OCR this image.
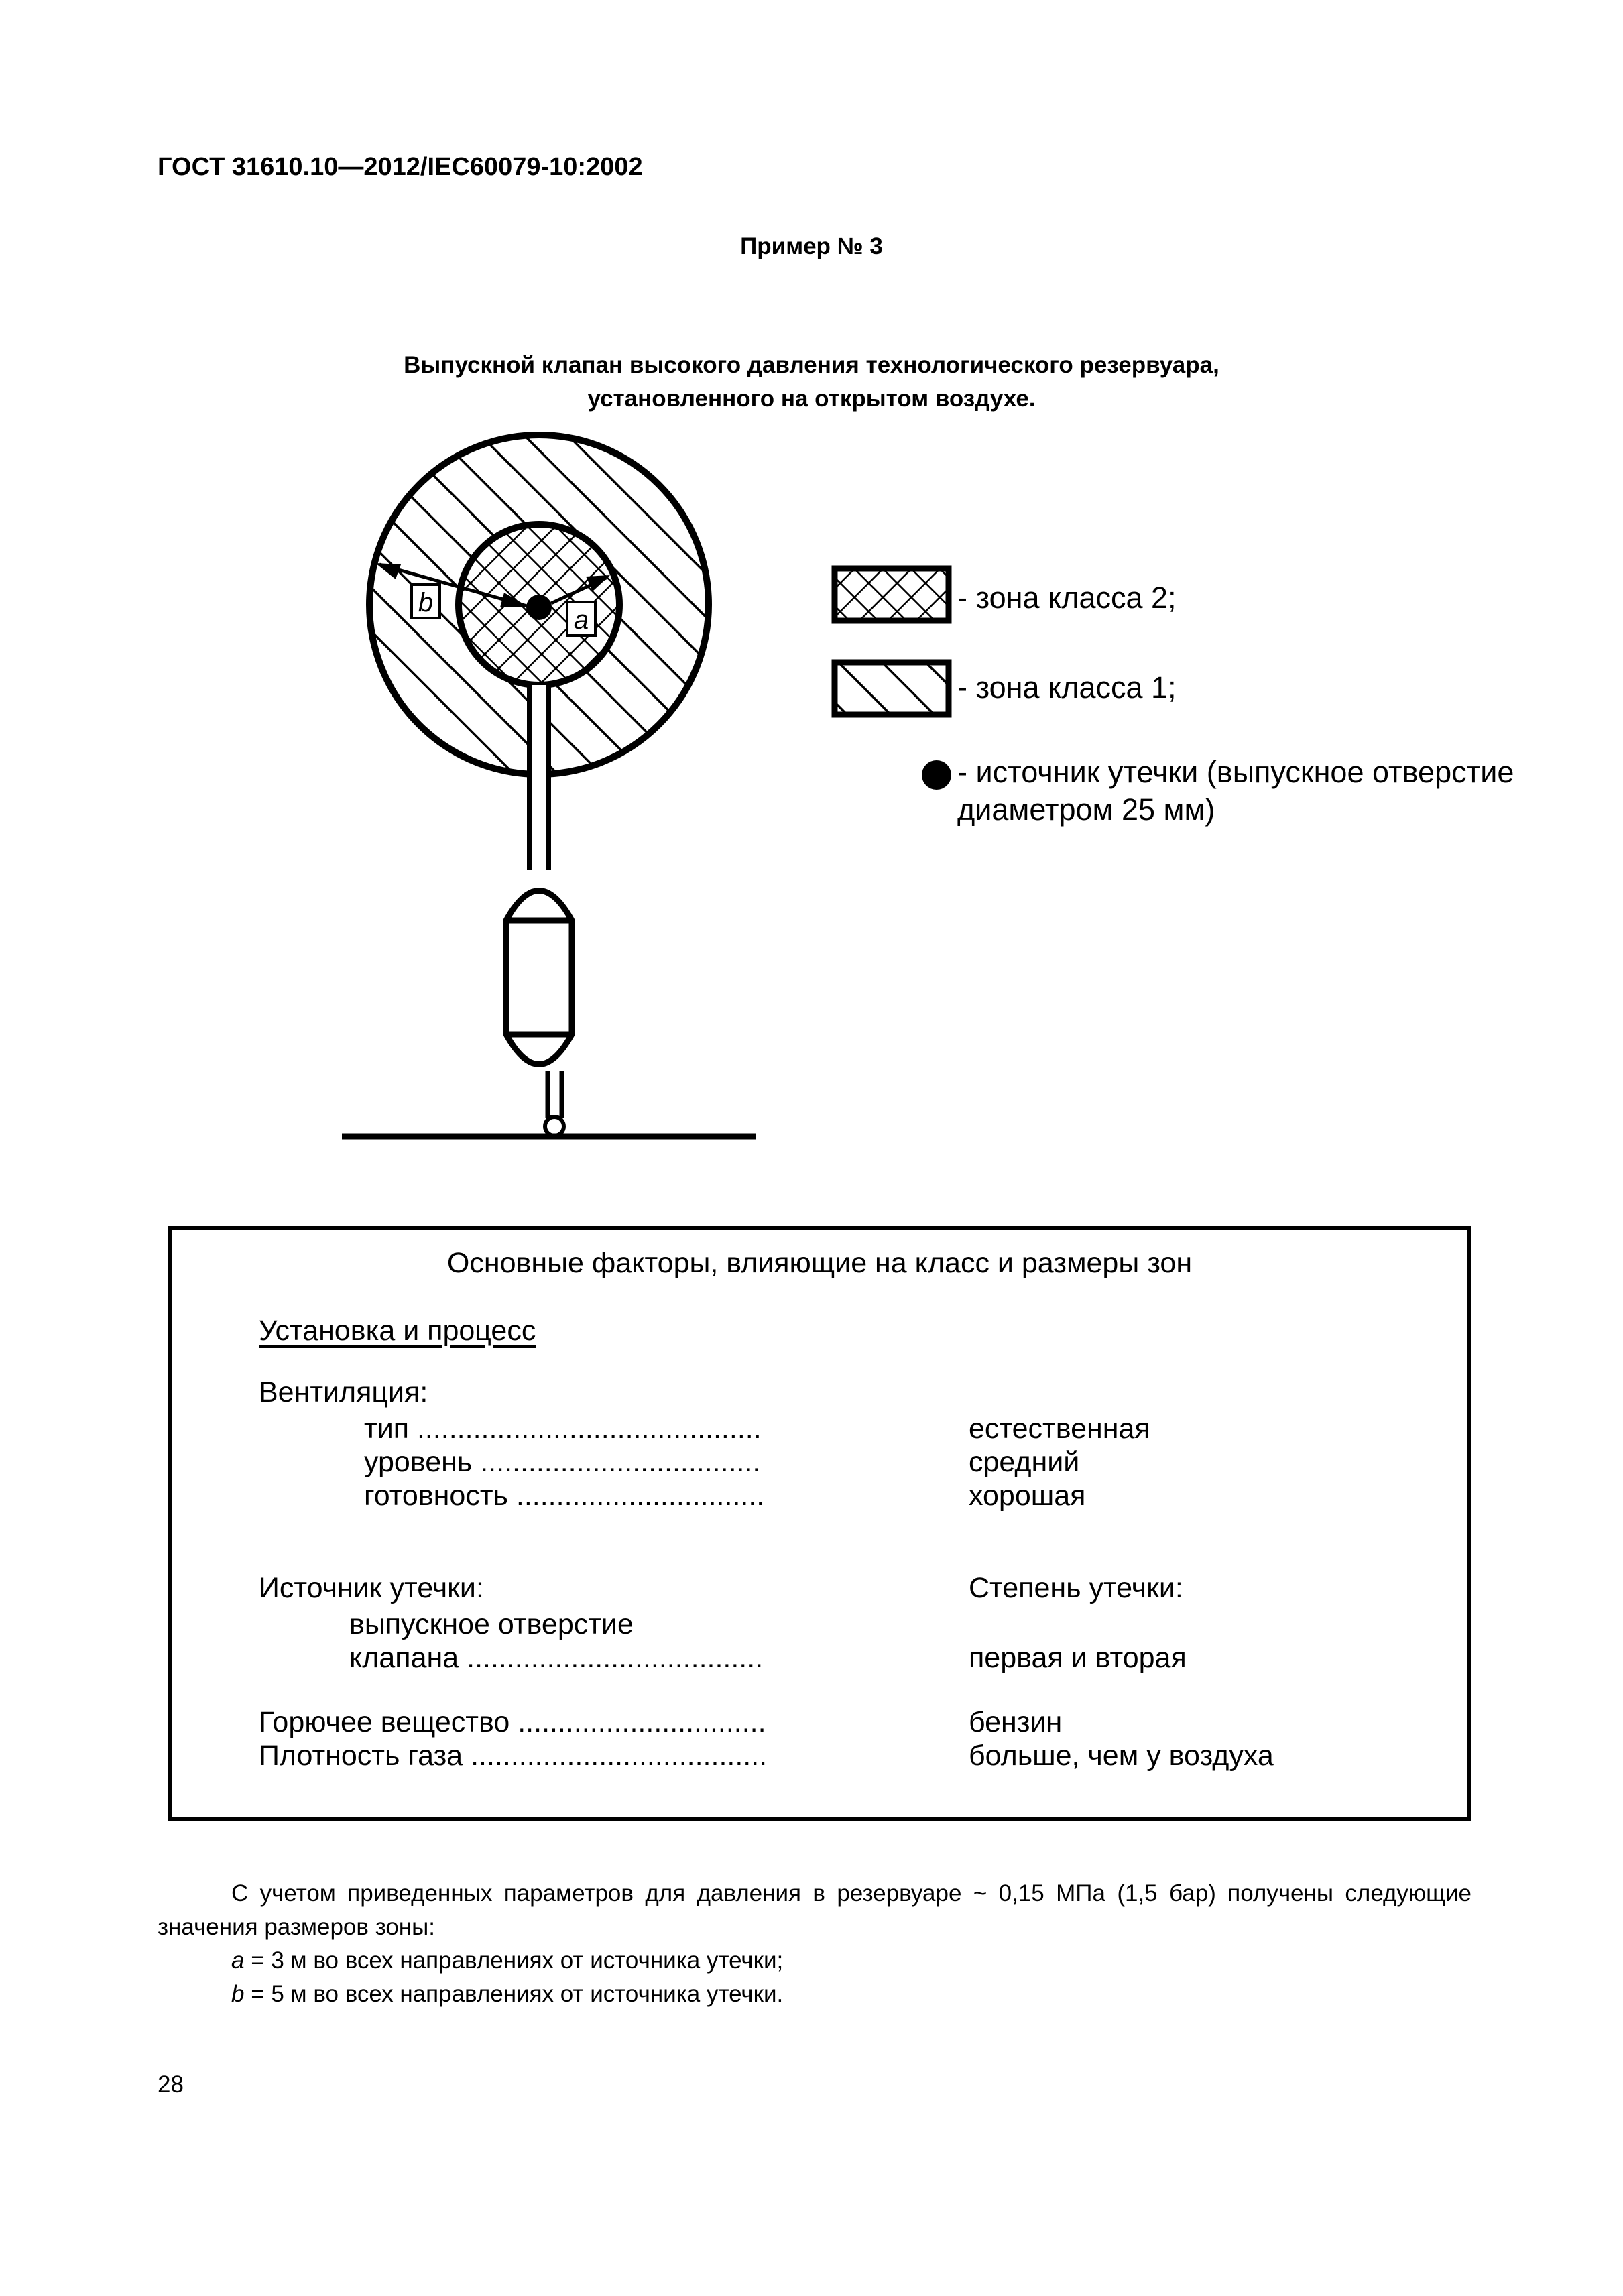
ГОСТ 31610.10—2012/IEC60079-10:2002
Пример № 3
Выпускной клапан высокого давления технологического резервуара,
установленного на открытом воздухе.
b
a
- зона класса 2;
- зона класса 1;
- источник утечки (выпускное отверстие
диаметром 25 мм)
Основные факторы, влияющие на класс и размеры зон
Установка и процесс
Вентиляция:
тип ...........................................	естественная
уровень ...................................	средний
готовность ...............................	хорошая
Источник утечки:	Степень утечки:
выпускное отверстие
клапана .....................................	первая и вторая
Горючее вещество ...............................	бензин
Плотность газа .....................................	больше, чем у воздуха
С учетом приведенных параметров для давления в резервуаре ~ 0,15 МПа (1,5 бар) получены следующие
значения размеров зоны:
a = 3 м во всех направлениях от источника утечки;
b = 5 м во всех направлениях от источника утечки.
28
